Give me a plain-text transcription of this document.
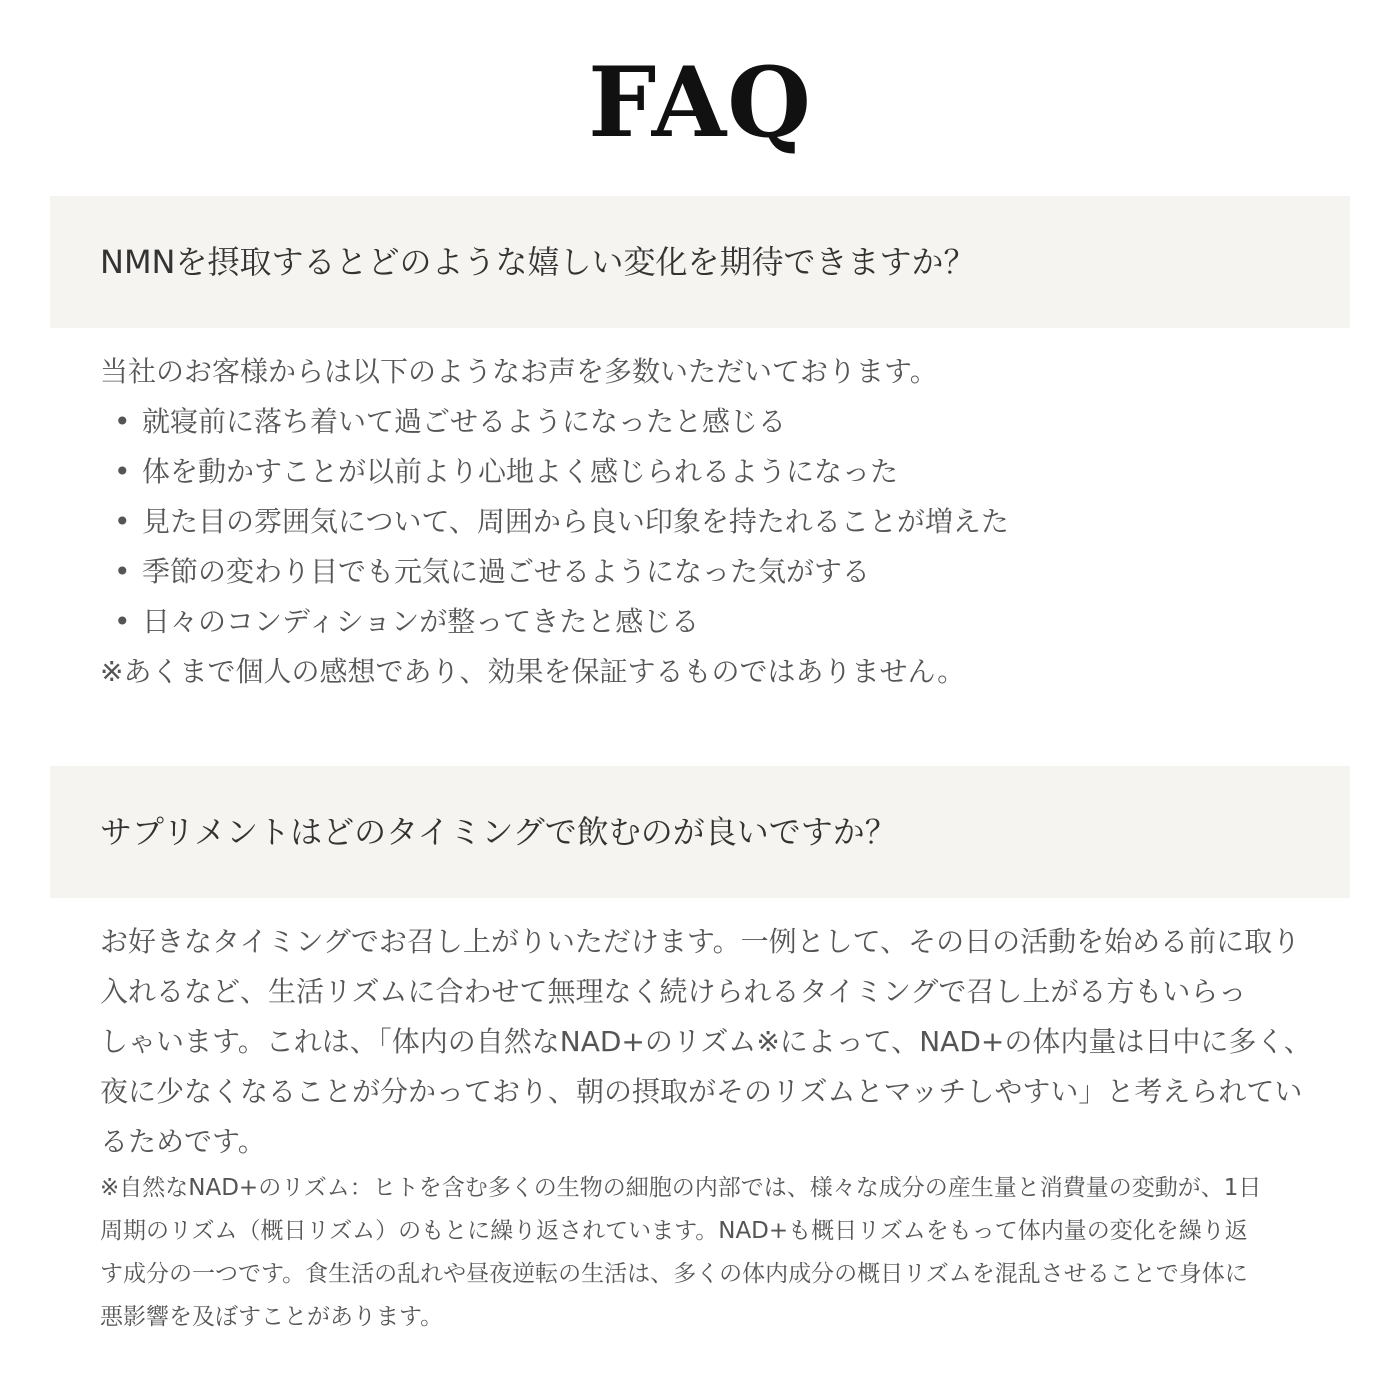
FAQ
NMNを摂取するとどのような嬉しい変化を期待できますか？

当社のお客様からは以下のようなお声を多数いただいております。

• 就寝前に落ち着いて過ごせるようになったと感じる
• 体を動かすことが以前より心地よく感じられるようになった
• 見た目の雰囲気について、周囲から良い印象を持たれることが増えた
• 季節の変わり目でも元気に過ごせるようになった気がする
• 日々のコンディションが整ってきたと感じる

※あくまで個人の感想であり、効果を保証するものではありません。

サプリメントはどのタイミングで飲むのが良いですか？

お好きなタイミングでお召し上がりいただけます。一例として、その日の活動を始める前に取り
入れるなど、生活リズムに合わせて無理なく続けられるタイミングで召し上がる方もいらっ
しゃいます。これは、「体内の自然なNAD+のリズム※によって、NAD+の体内量は日中に多く、
夜に少なくなることが分かっており、朝の摂取がそのリズムとマッチしやすい」と考えられてい
るためです。

※自然なNAD+のリズム：ヒトを含む多くの生物の細胞の内部では、様々な成分の産生量と消費量の変動が、1日
周期のリズム（概日リズム）のもとに繰り返されています。NAD+も概日リズムをもって体内量の変化を繰り返
す成分の一つです。食生活の乱れや昼夜逆転の生活は、多くの体内成分の概日リズムを混乱させることで身体に
悪影響を及ぼすことがあります。
